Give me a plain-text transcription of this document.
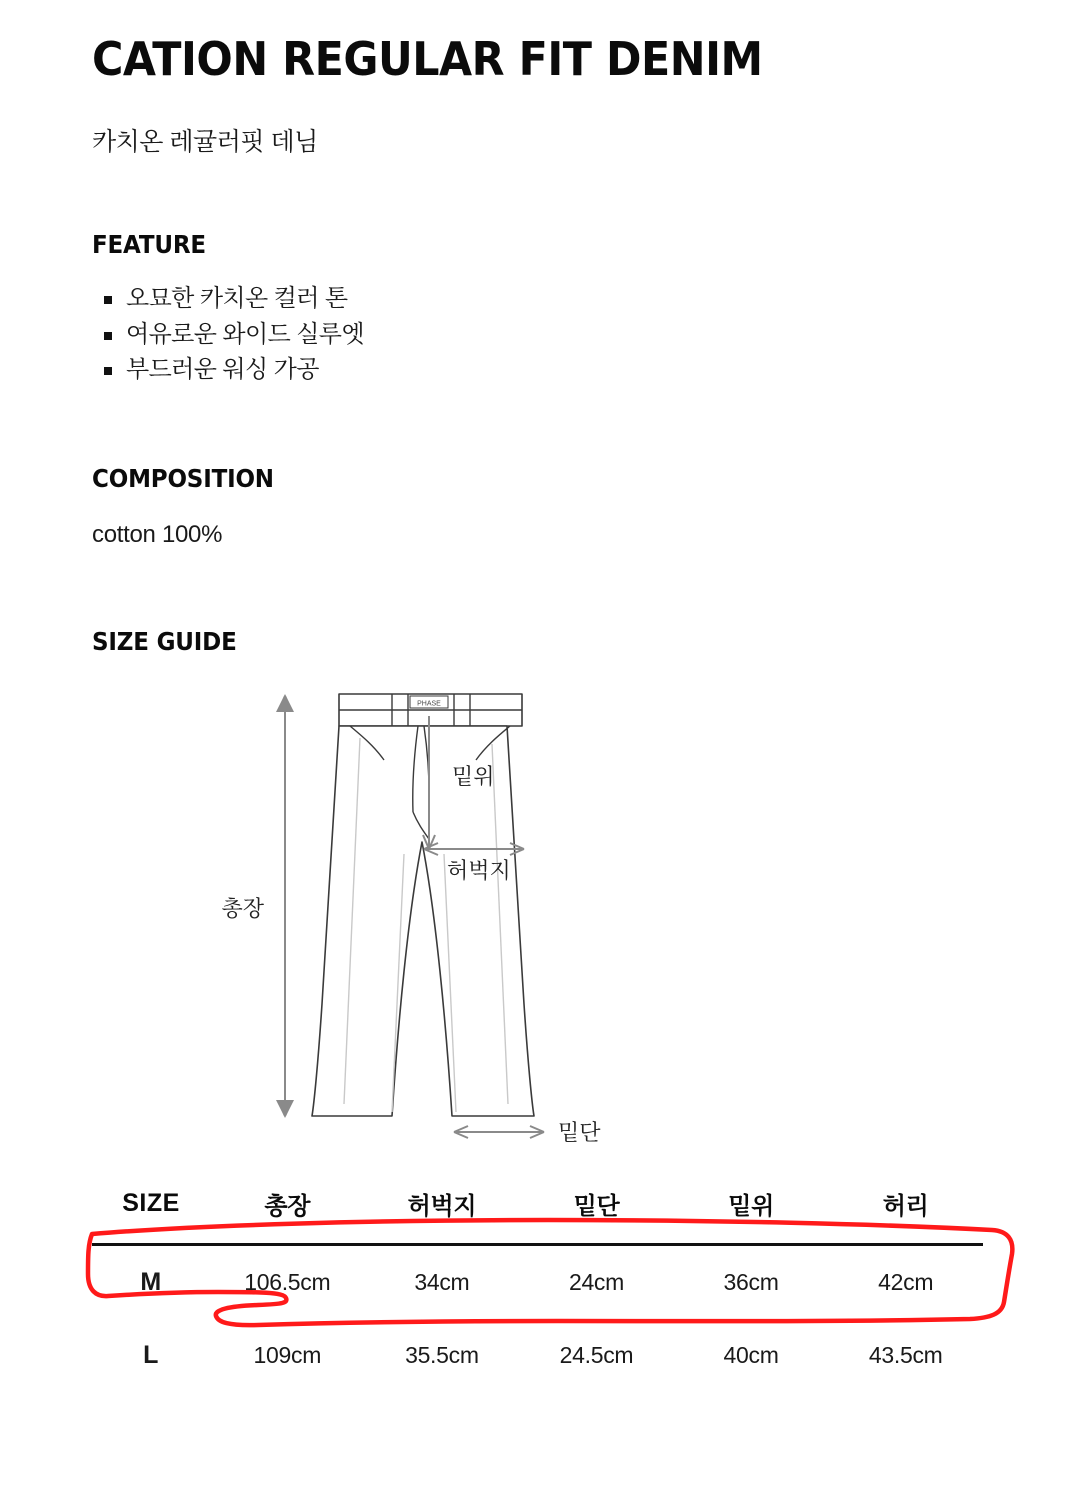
CATION REGULAR FIT DENIM

카치온 레귤러핏 데님

FEATURE
오묘한 카치온 컬러 톤
여유로운 와이드 실루엣
부드러운 워싱 가공
COMPOSITION

cotton 100%

SIZE GUIDE
PHASE
총장
밑위
허벅지
밑단
SIZE	총장	허벅지	밑단	밑위	허리
M	106.5cm	34cm	24cm	36cm	42cm
L	109cm	35.5cm	24.5cm	40cm	43.5cm
